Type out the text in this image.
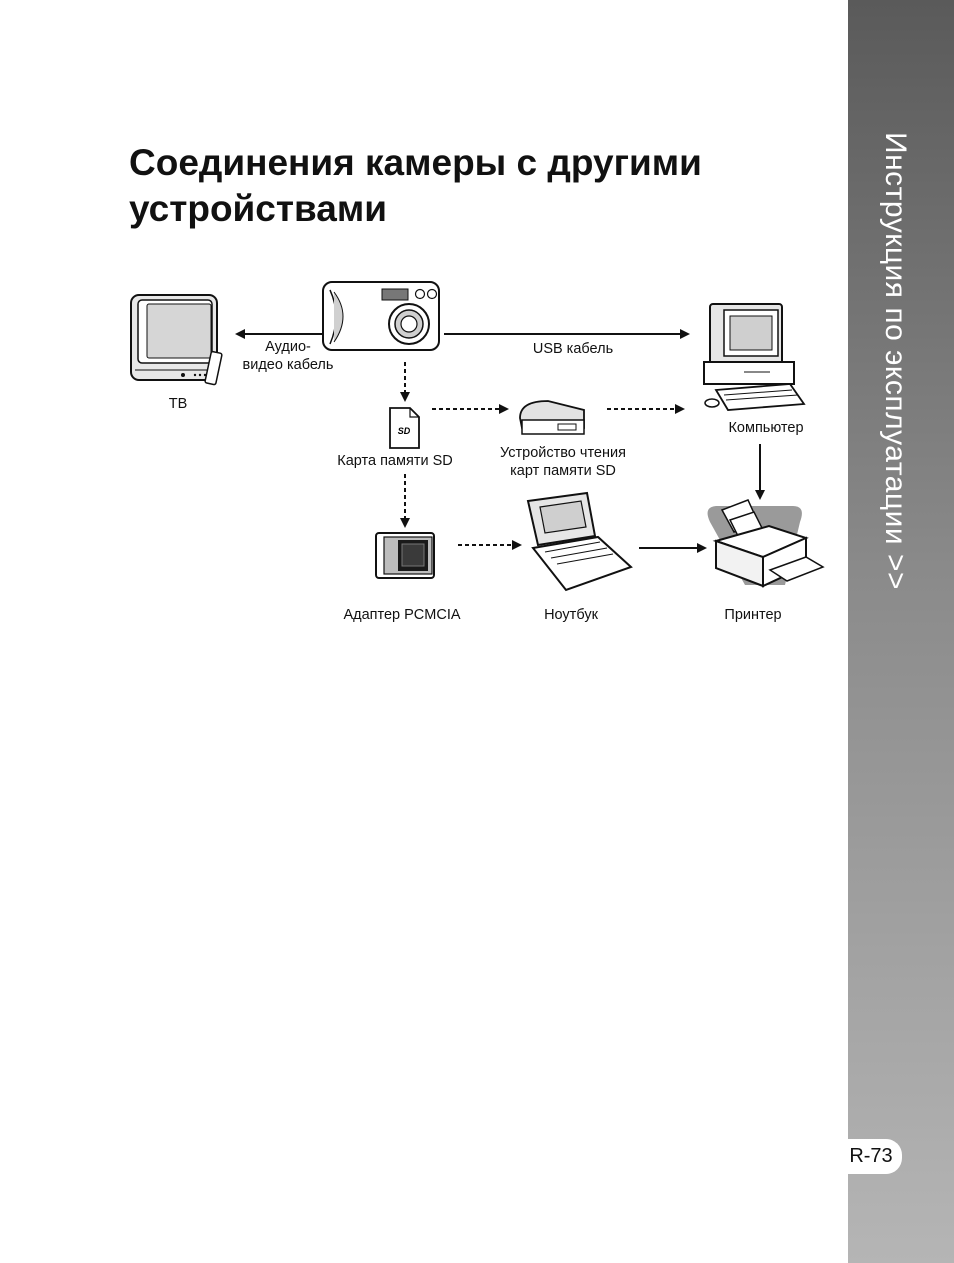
Инструкция по эксплуатации >>
R-73
Соединения камеры с другими устройствами
SD
ТВ
Аудио-
видео кабель
USB кабель
Карта памяти SD	Устройство чтения
карт памяти SD
Компьютер
Адаптер PCMCIA	Ноутбук	Принтер
